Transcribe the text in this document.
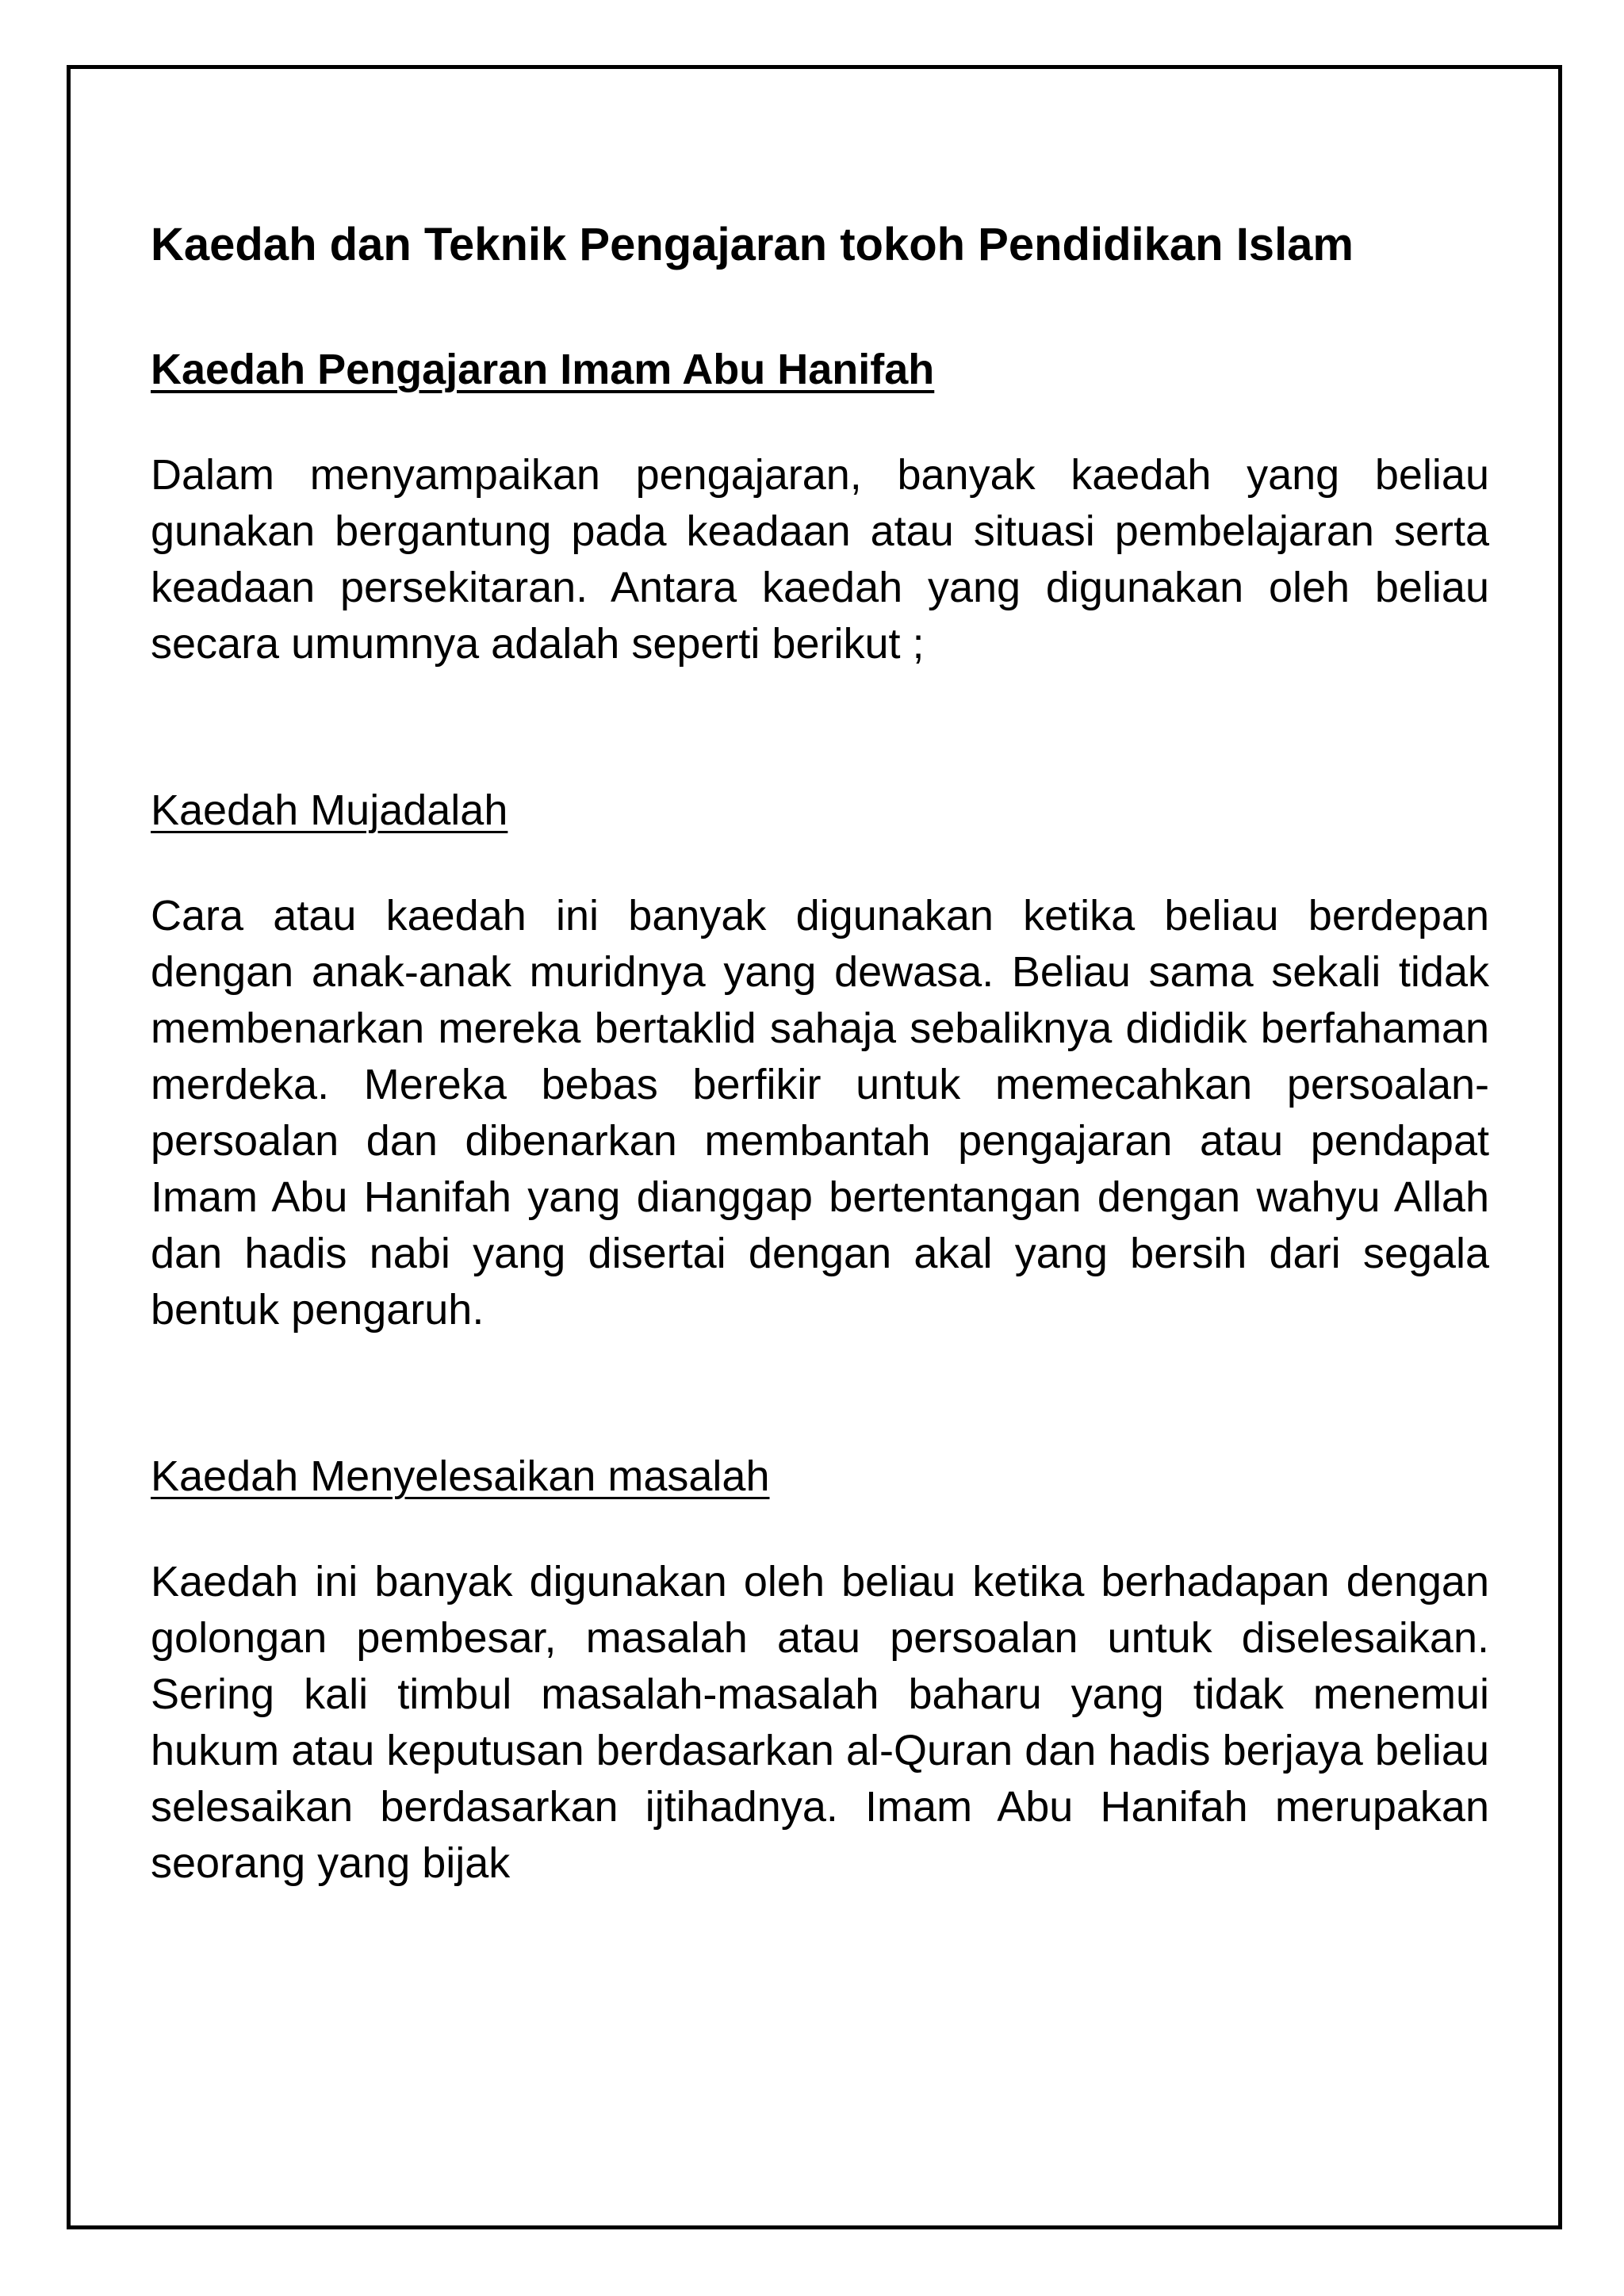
Kaedah dan Teknik Pengajaran tokoh Pendidikan Islam
Kaedah Pengajaran Imam Abu Hanifah

Dalam menyampaikan pengajaran, banyak kaedah yang beliau gunakan bergantung pada keadaan atau situasi pembelajaran serta keadaan persekitaran. Antara kaedah yang digunakan oleh beliau secara umumnya adalah seperti berikut ;

Kaedah Mujadalah

Cara atau kaedah ini banyak digunakan ketika beliau berdepan dengan anak-anak muridnya yang dewasa. Beliau sama sekali tidak membenarkan mereka bertaklid sahaja sebaliknya dididik berfahaman merdeka. Mereka bebas berfikir untuk memecahkan persoalan- persoalan dan dibenarkan membantah pengajaran atau pendapat Imam Abu Hanifah yang dianggap bertentangan dengan wahyu Allah dan hadis nabi yang disertai dengan akal yang bersih dari segala bentuk pengaruh.

Kaedah Menyelesaikan masalah

Kaedah ini banyak digunakan oleh beliau ketika berhadapan dengan golongan pembesar, masalah atau persoalan untuk diselesaikan. Sering kali timbul masalah-masalah baharu yang tidak menemui hukum atau keputusan berdasarkan al-Quran dan hadis berjaya beliau selesaikan berdasarkan ijtihadnya. Imam Abu Hanifah merupakan seorang yang bijak
